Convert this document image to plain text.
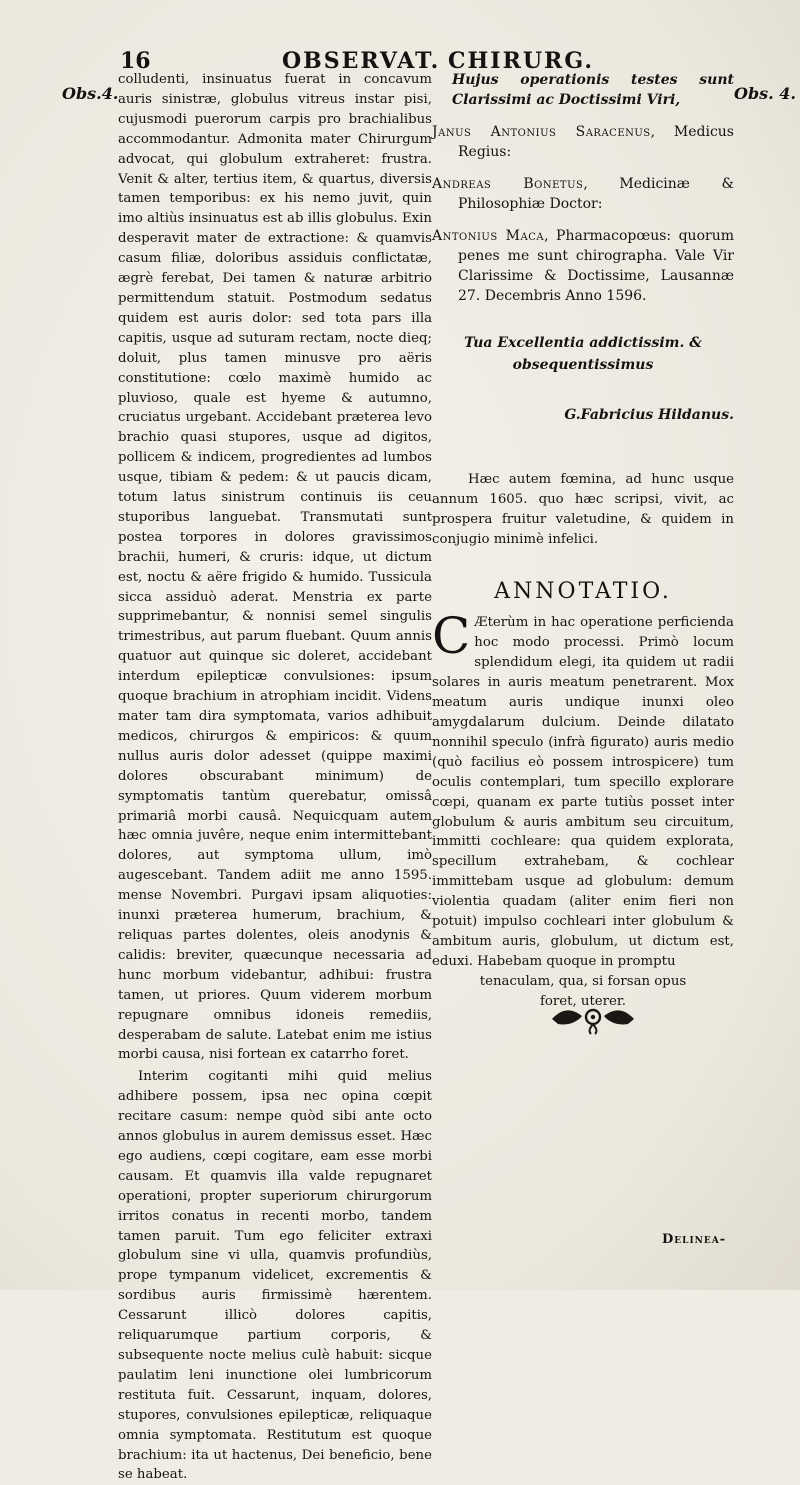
16	OBSERVAT. CHIRURG.
Obs.4.	Obs. 4.

colludenti, insinuatus fuerat in concavum auris sinistræ, globulus vitreus instar pisi, cujusmodi puerorum carpis pro brachialibus accommodantur. Admonita mater Chirurgum advocat, qui globulum extraheret: frustra. Venit & alter, tertius item, & quartus, diversis tamen temporibus: ex his nemo juvit, quin imo altiùs insinuatus est ab illis globulus. Exin desperavit mater de extractione: & quamvis casum filiæ, doloribus assiduis conflictatæ, ægrè ferebat, Dei tamen & naturæ arbitrio permittendum statuit. Postmodum sedatus quidem est auris dolor: sed tota pars illa capitis, usque ad suturam rectam, nocte dieq; doluit, plus tamen minusve pro aëris constitutione: cœlo maximè humido ac pluvioso, quale est hyeme & autumno, cruciatus urgebant. Accidebant præterea levo brachio quasi stupores, usque ad digitos, pollicem & indicem, progredientes ad lumbos usque, tibiam & pedem: & ut paucis dicam, totum latus sinistrum continuis iis ceu stuporibus languebat. Transmutati sunt postea torpores in dolores gravissimos brachii, humeri, & cruris: idque, ut dictum est, noctu & aëre frigido & humido. Tussicula sicca assiduò aderat. Menstria ex parte supprimebantur, & nonnisi semel singulis trimestribus, aut parum fluebant. Quum annis quatuor aut quinque sic doleret, accidebant interdum epilepticæ convulsiones: ipsum quoque brachium in atrophiam incidit. Videns mater tam dira symptomata, varios adhibuit medicos, chirurgos & empiricos: & quum nullus auris dolor adesset (quippe maximi dolores obscurabant minimum) de symptomatis tantùm querebatur, omissâ primariâ morbi causâ. Nequicquam autem hæc omnia juvêre, neque enim intermittebant dolores, aut symptoma ullum, imò augescebant. Tandem adiit me anno 1595. mense Novembri. Purgavi ipsam aliquoties: inunxi præterea humerum, brachium, & reliquas partes dolentes, oleis anodynis & calidis: breviter, quæcunque necessaria ad hunc morbum videbantur, adhibui: frustra tamen, ut priores. Quum viderem morbum repugnare omnibus idoneis remediis, desperabam de salute. Latebat enim me istius morbi causa, nisi fortean ex catarrho foret.

Interim cogitanti mihi quid melius adhibere possem, ipsa nec opina cœpit recitare casum: nempe quòd sibi ante octo annos globulus in aurem demissus esset. Hæc ego audiens, cœpi cogitare, eam esse morbi causam. Et quamvis illa valde repugnaret operationi, propter superiorum chirurgorum irritos conatus in recenti morbo, tandem tamen paruit. Tum ego feliciter extraxi globulum sine vi ulla, quamvis profundiùs, prope tympanum videlicet, excrementis & sordibus auris firmissimè hærentem. Cessarunt illicò dolores capitis, reliquarumque partium corporis, & subsequente nocte melius culè habuit: sicque paulatim leni inunctione olei lumbricorum restituta fuit. Cessarunt, inquam, dolores, stupores, convulsiones epilepticæ, reliquaque omnia symptomata. Restitutum est quoque brachium: ita ut hactenus, Dei beneficio, bene se habeat.

Hujus operationis testes sunt Clarissimi ac Doctissimi Viri,
Janus Antonius Saracenus, Medicus Regius:
Andreas Bonetus, Medicinæ & Philosophiæ Doctor:
Antonius Maca, Pharmacopœus: quorum penes me sunt chirographa. Vale Vir Clarissime & Doctissime, Lausannæ 27. Decembris Anno 1596.
Tua Excellentia addictissim. &
obsequentissimus
G.Fabricius Hildanus.
Hæc autem fœmina, ad hunc usque annum 1605. quo hæc scripsi, vivit, ac prospera fruitur valetudine, & quidem in conjugio minimè infelici.
ANNOTATIO.
C Æterùm in hac operatione perficienda hoc modo processi. Primò locum splendidum elegi, ita quidem ut radii solares in auris meatum penetrarent. Mox meatum auris undique inunxi oleo amygdalarum dulcium. Deinde dilatato nonnihil speculo (infrà figurato) auris medio (quò facilius eò possem introspicere) tum oculis contemplari, tum specillo explorare cœpi, quanam ex parte tutiùs posset inter globulum & auris ambitum seu circuitum, immitti cochleare: qua quidem explorata, specillum extrahebam, & cochlear immittebam usque ad globulum: demum violentia quadam (aliter enim fieri non potuit) impulso cochleari inter globulum & ambitum auris, globulum, ut dictum est, eduxi. Habebam quoque in promptu
tenaculam, qua, si forsan opus
foret, uterer.
Delinea-
